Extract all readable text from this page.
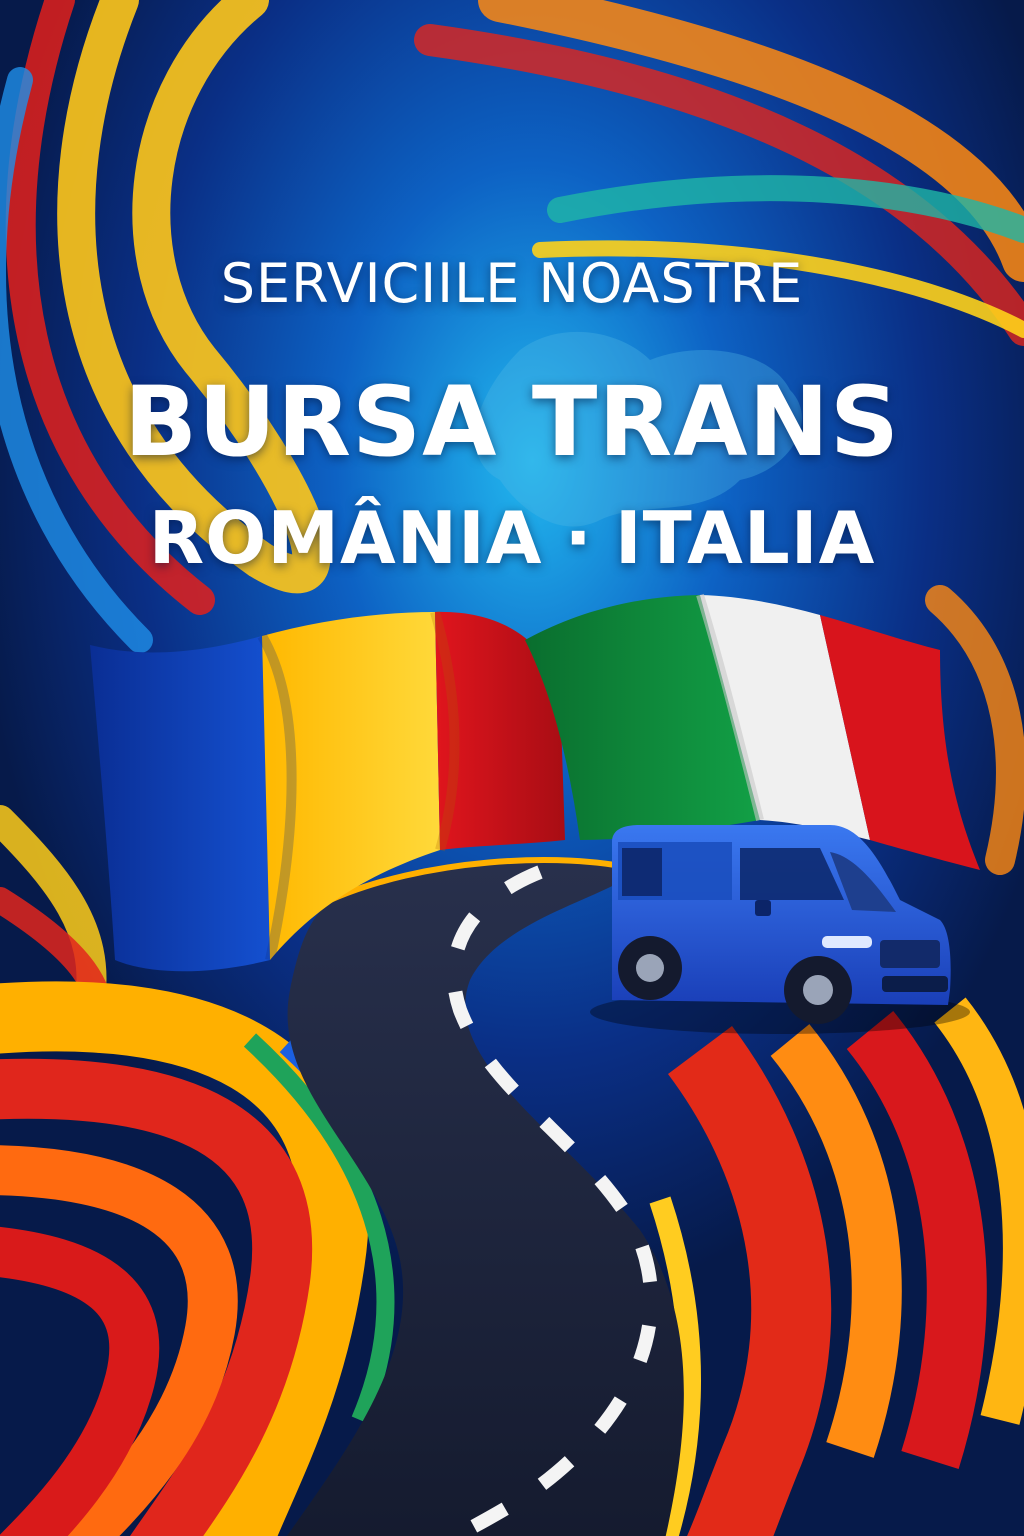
SERVICIILE NOASTRE
BURSA TRANS
ROMÂNIA · ITALIA
